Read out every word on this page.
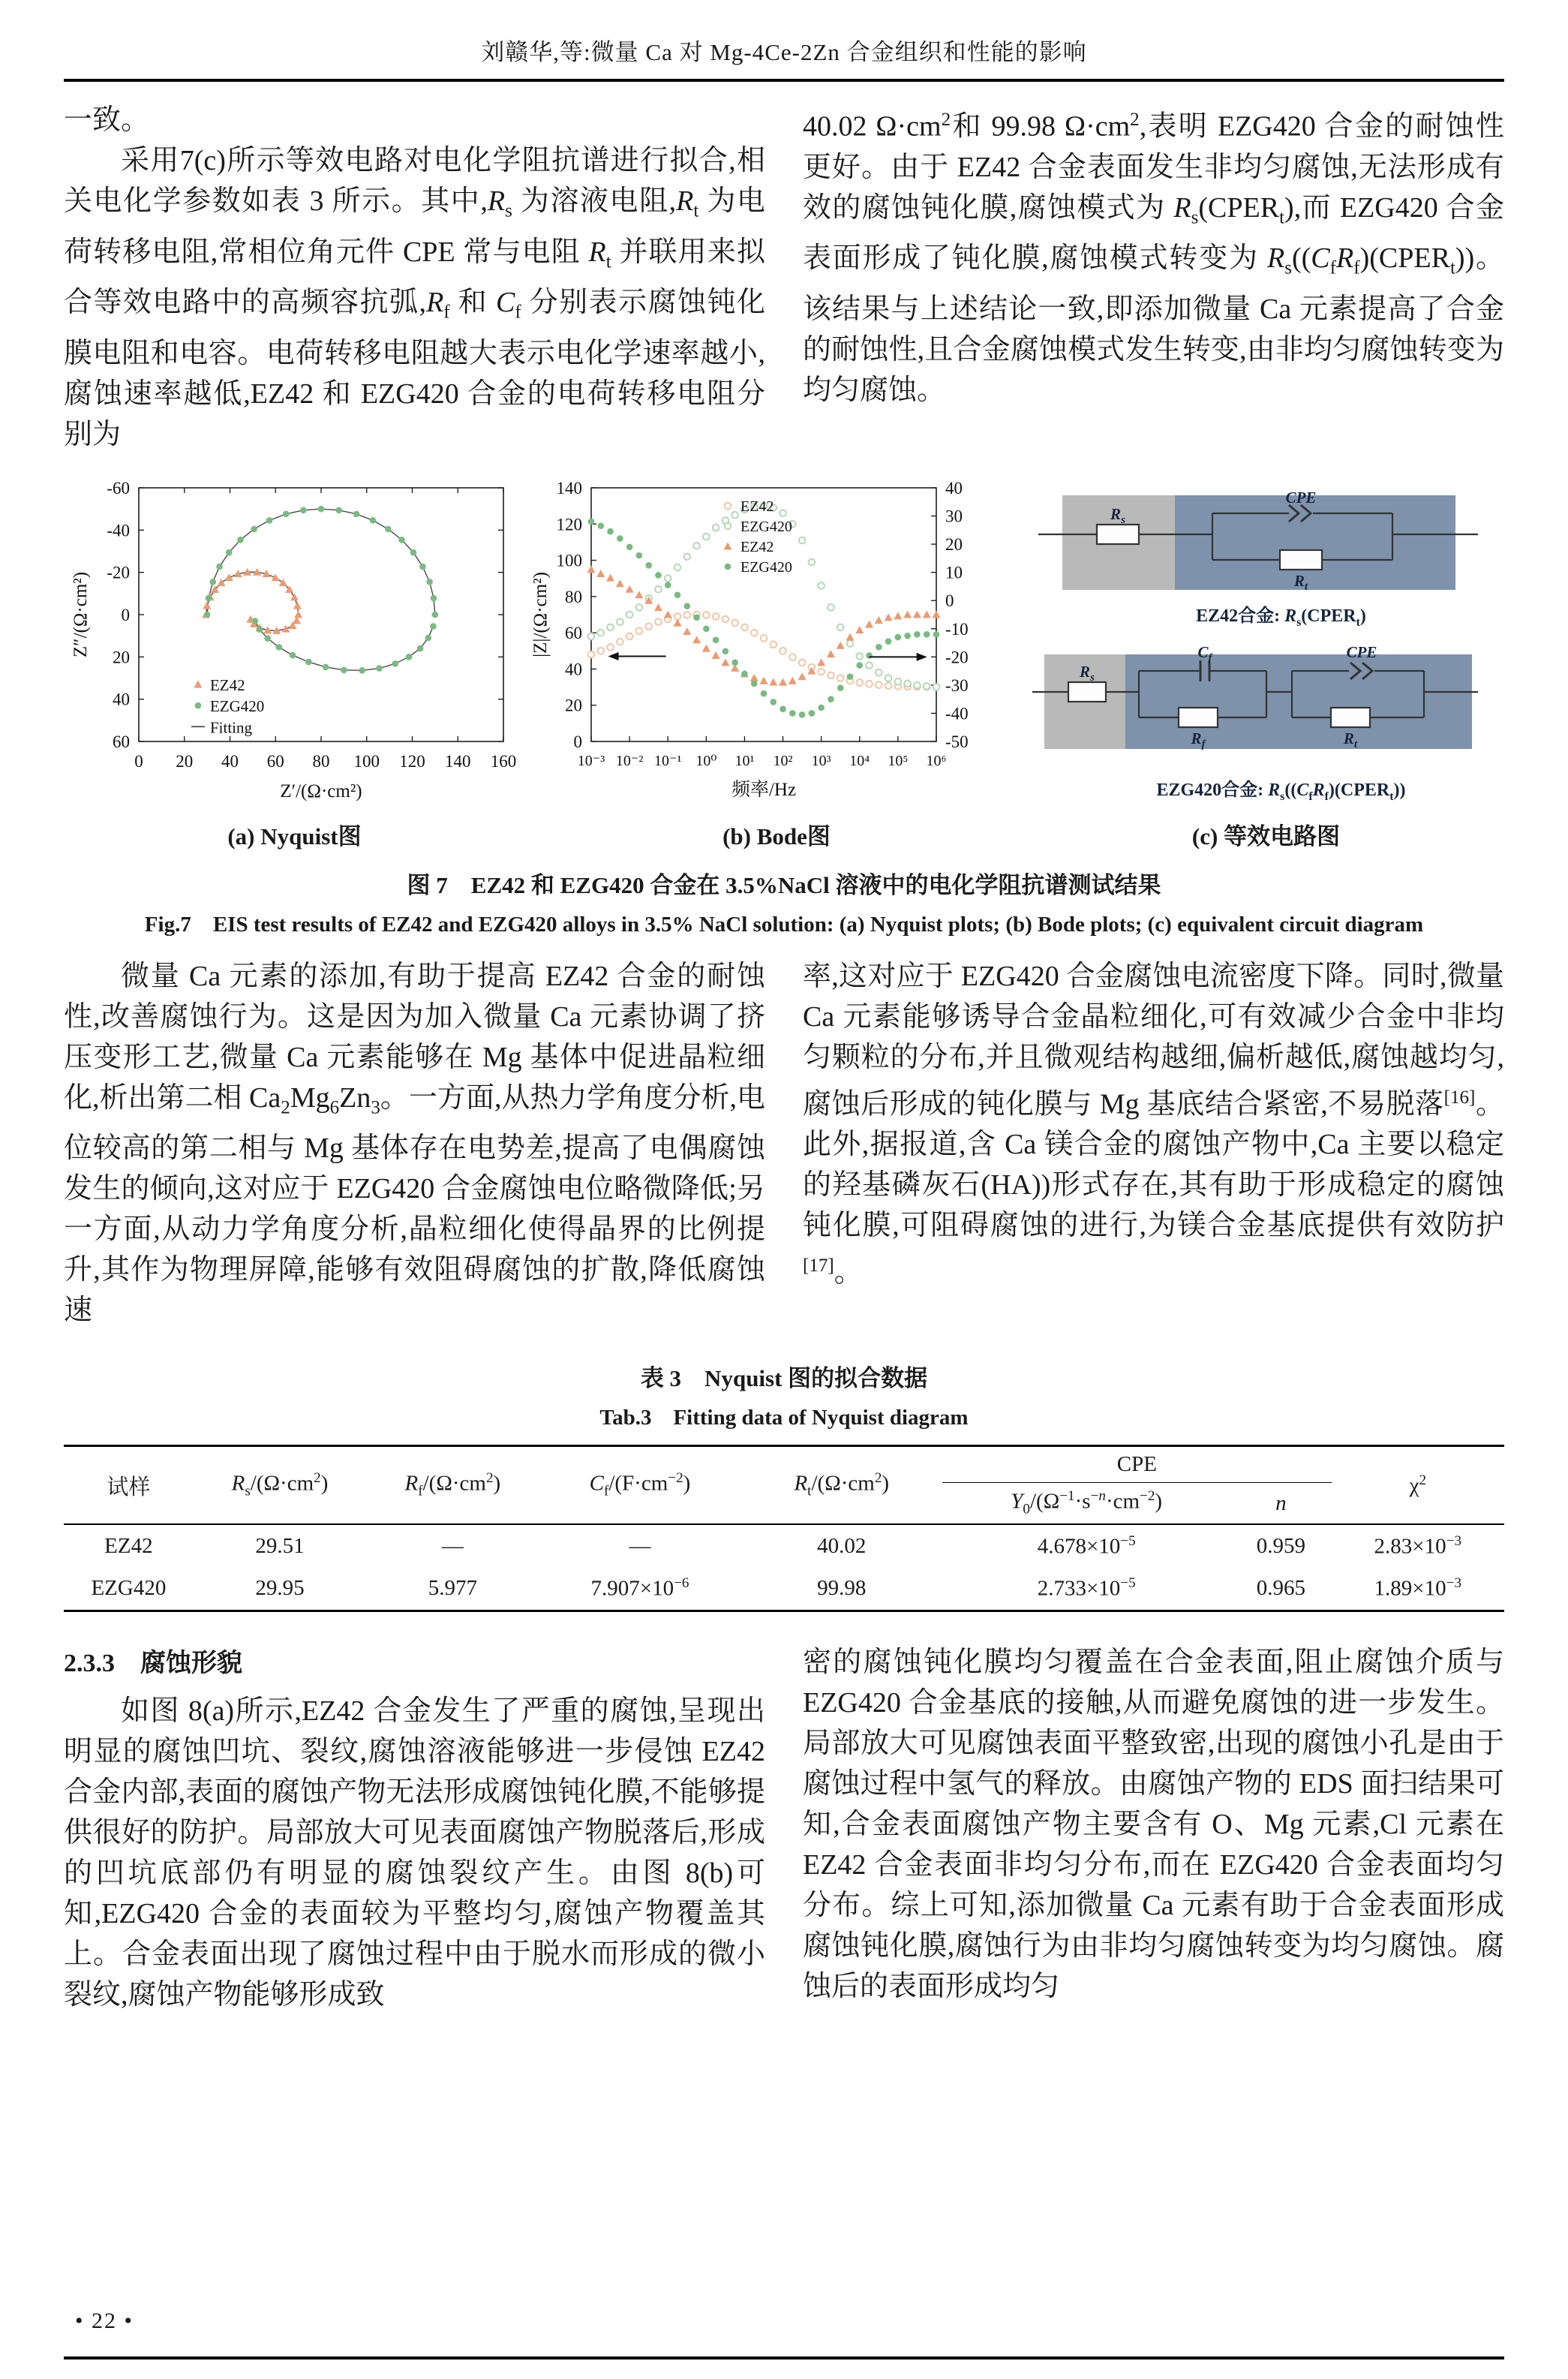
刘赣华,等:微量 Ca 对 Mg-4Ce-2Zn 合金组织和性能的影响

一致。

采用7(c)所示等效电路对电化学阻抗谱进行拟合,相关电化学参数如表 3 所示。其中$,R_s$ 为溶液电阻$,R_t$ 为电荷转移电阻,常相位角元件 CPE 常与电阻 $R_t$ 并联用来拟合等效电路中的高频容抗弧$,R_f$ 和 $C_f$ 分别表示腐蚀钝化膜电阻和电容。电荷转移电阻越大表示电化学速率越小,腐蚀速率越低,EZ42 和 EZG420 合金的电荷转移电阻分别为

40.02 $\Omega\cdot cm^2$和 99.98 $\Omega\cdot cm^2$,表明 EZG420 合金的耐蚀性更好。由于 EZ42 合金表面发生非均匀腐蚀,无法形成有效的腐蚀钝化膜,腐蚀模式为 $R_s(CPER_t)$,而 EZG420 合金表面形成了钝化膜,腐蚀模式转变为 $R_s((C_fR_f)(CPER_t))$。该结果与上述结论一致,即添加微量 Ca 元素提高了合金的耐蚀性,且合金腐蚀模式发生转变,由非均匀腐蚀转变为均匀腐蚀。

-60
-40
-20
0
20
40
60
0 20 40 60 80 100 120 140 160
Z′/(Ω·cm²)
Z″/(Ω·cm²)
EZ42
EZG420
Fitting
(a) Nyquist图
0
20
40
60
80
100
120
140
-50
-40
-30
-20
-10
0
10
20
30
40
10⁻³ 10⁻² 10⁻¹ 10⁰ 10¹ 10² 10³ 10⁴ 10⁵ 10⁶
频率/Hz
|Z|/(Ω·cm²)
EZ42
EZG420
EZ42
EZG420
(b) Bode图
$R_s$
CPE
$R_t$
$R_s$
$C_f$
$R_f$
CPE
$R_t$
EZ42合金: $R_s(CPER_t)$
EZG420合金: $R_s((C_fR_f)(CPER_t))$
(c) 等效电路图
图 7　EZ42 和 EZG420 合金在 3.5%NaCl 溶液中的电化学阻抗谱测试结果
Fig.7　EIS test results of EZ42 and EZG420 alloys in 3.5% NaCl solution: (a) Nyquist plots; (b) Bode plots; (c) equivalent circuit diagram

微量 Ca 元素的添加,有助于提高 EZ42 合金的耐蚀性,改善腐蚀行为。这是因为加入微量 Ca 元素协调了挤压变形工艺,微量 Ca 元素能够在 Mg 基体中促进晶粒细化,析出第二相 $Ca_2Mg_6Zn_3$。一方面,从热力学角度分析,电位较高的第二相与 Mg 基体存在电势差,提高了电偶腐蚀发生的倾向,这对应于 EZG420 合金腐蚀电位略微降低;另一方面,从动力学角度分析,晶粒细化使得晶界的比例提升,其作为物理屏障,能够有效阻碍腐蚀的扩散,降低腐蚀速

率,这对应于 EZG420 合金腐蚀电流密度下降。同时,微量 Ca 元素能够诱导合金晶粒细化,可有效减少合金中非均匀颗粒的分布,并且微观结构越细,偏析越低,腐蚀越均匀,腐蚀后形成的钝化膜与 Mg 基底结合紧密,不易脱落[16]。此外,据报道,含 Ca 镁合金的腐蚀产物中,Ca 主要以稳定的羟基磷灰石(HA))形式存在,其有助于形成稳定的腐蚀钝化膜,可阻碍腐蚀的进行,为镁合金基底提供有效防护[17]。

表 3　Nyquist 图的拟合数据
Tab.3　Fitting data of Nyquist diagram
试样	$R_s/(\Omega\cdot cm^2)$	$R_f/(\Omega\cdot cm^2)$	$C_f/(F\cdot cm^{-2})$	$R_t/(\Omega\cdot cm^2)$	CPE		$\chi^2$
					$Y_0/(\Omega^{-1}\cdot s^{-n}\cdot cm^{-2})$	n	
EZ42	29.51	—	—	40.02	$4.678\times 10^{-5}$	0.959	$2.83\times 10^{-3}$
EZG420	29.95	5.977	$7.907\times 10^{-6}$	99.98	$2.733\times 10^{-5}$	0.965	$1.89\times 10^{-3}$
2.3.3　腐蚀形貌

如图 8(a)所示,EZ42 合金发生了严重的腐蚀,呈现出明显的腐蚀凹坑、裂纹,腐蚀溶液能够进一步侵蚀 EZ42 合金内部,表面的腐蚀产物无法形成腐蚀钝化膜,不能够提供很好的防护。局部放大可见表面腐蚀产物脱落后,形成的凹坑底部仍有明显的腐蚀裂纹产生。由图 8(b)可知,EZG420 合金的表面较为平整均匀,腐蚀产物覆盖其上。合金表面出现了腐蚀过程中由于脱水而形成的微小裂纹,腐蚀产物能够形成致

密的腐蚀钝化膜均匀覆盖在合金表面,阻止腐蚀介质与 EZG420 合金基底的接触,从而避免腐蚀的进一步发生。局部放大可见腐蚀表面平整致密,出现的腐蚀小孔是由于腐蚀过程中氢气的释放。由腐蚀产物的 EDS 面扫结果可知,合金表面腐蚀产物主要含有 O、Mg 元素,Cl 元素在 EZ42 合金表面非均匀分布,而在 EZG420 合金表面均匀分布。综上可知,添加微量 Ca 元素有助于合金表面形成腐蚀钝化膜,腐蚀行为由非均匀腐蚀转变为均匀腐蚀。腐蚀后的表面形成均匀

• 22 •
